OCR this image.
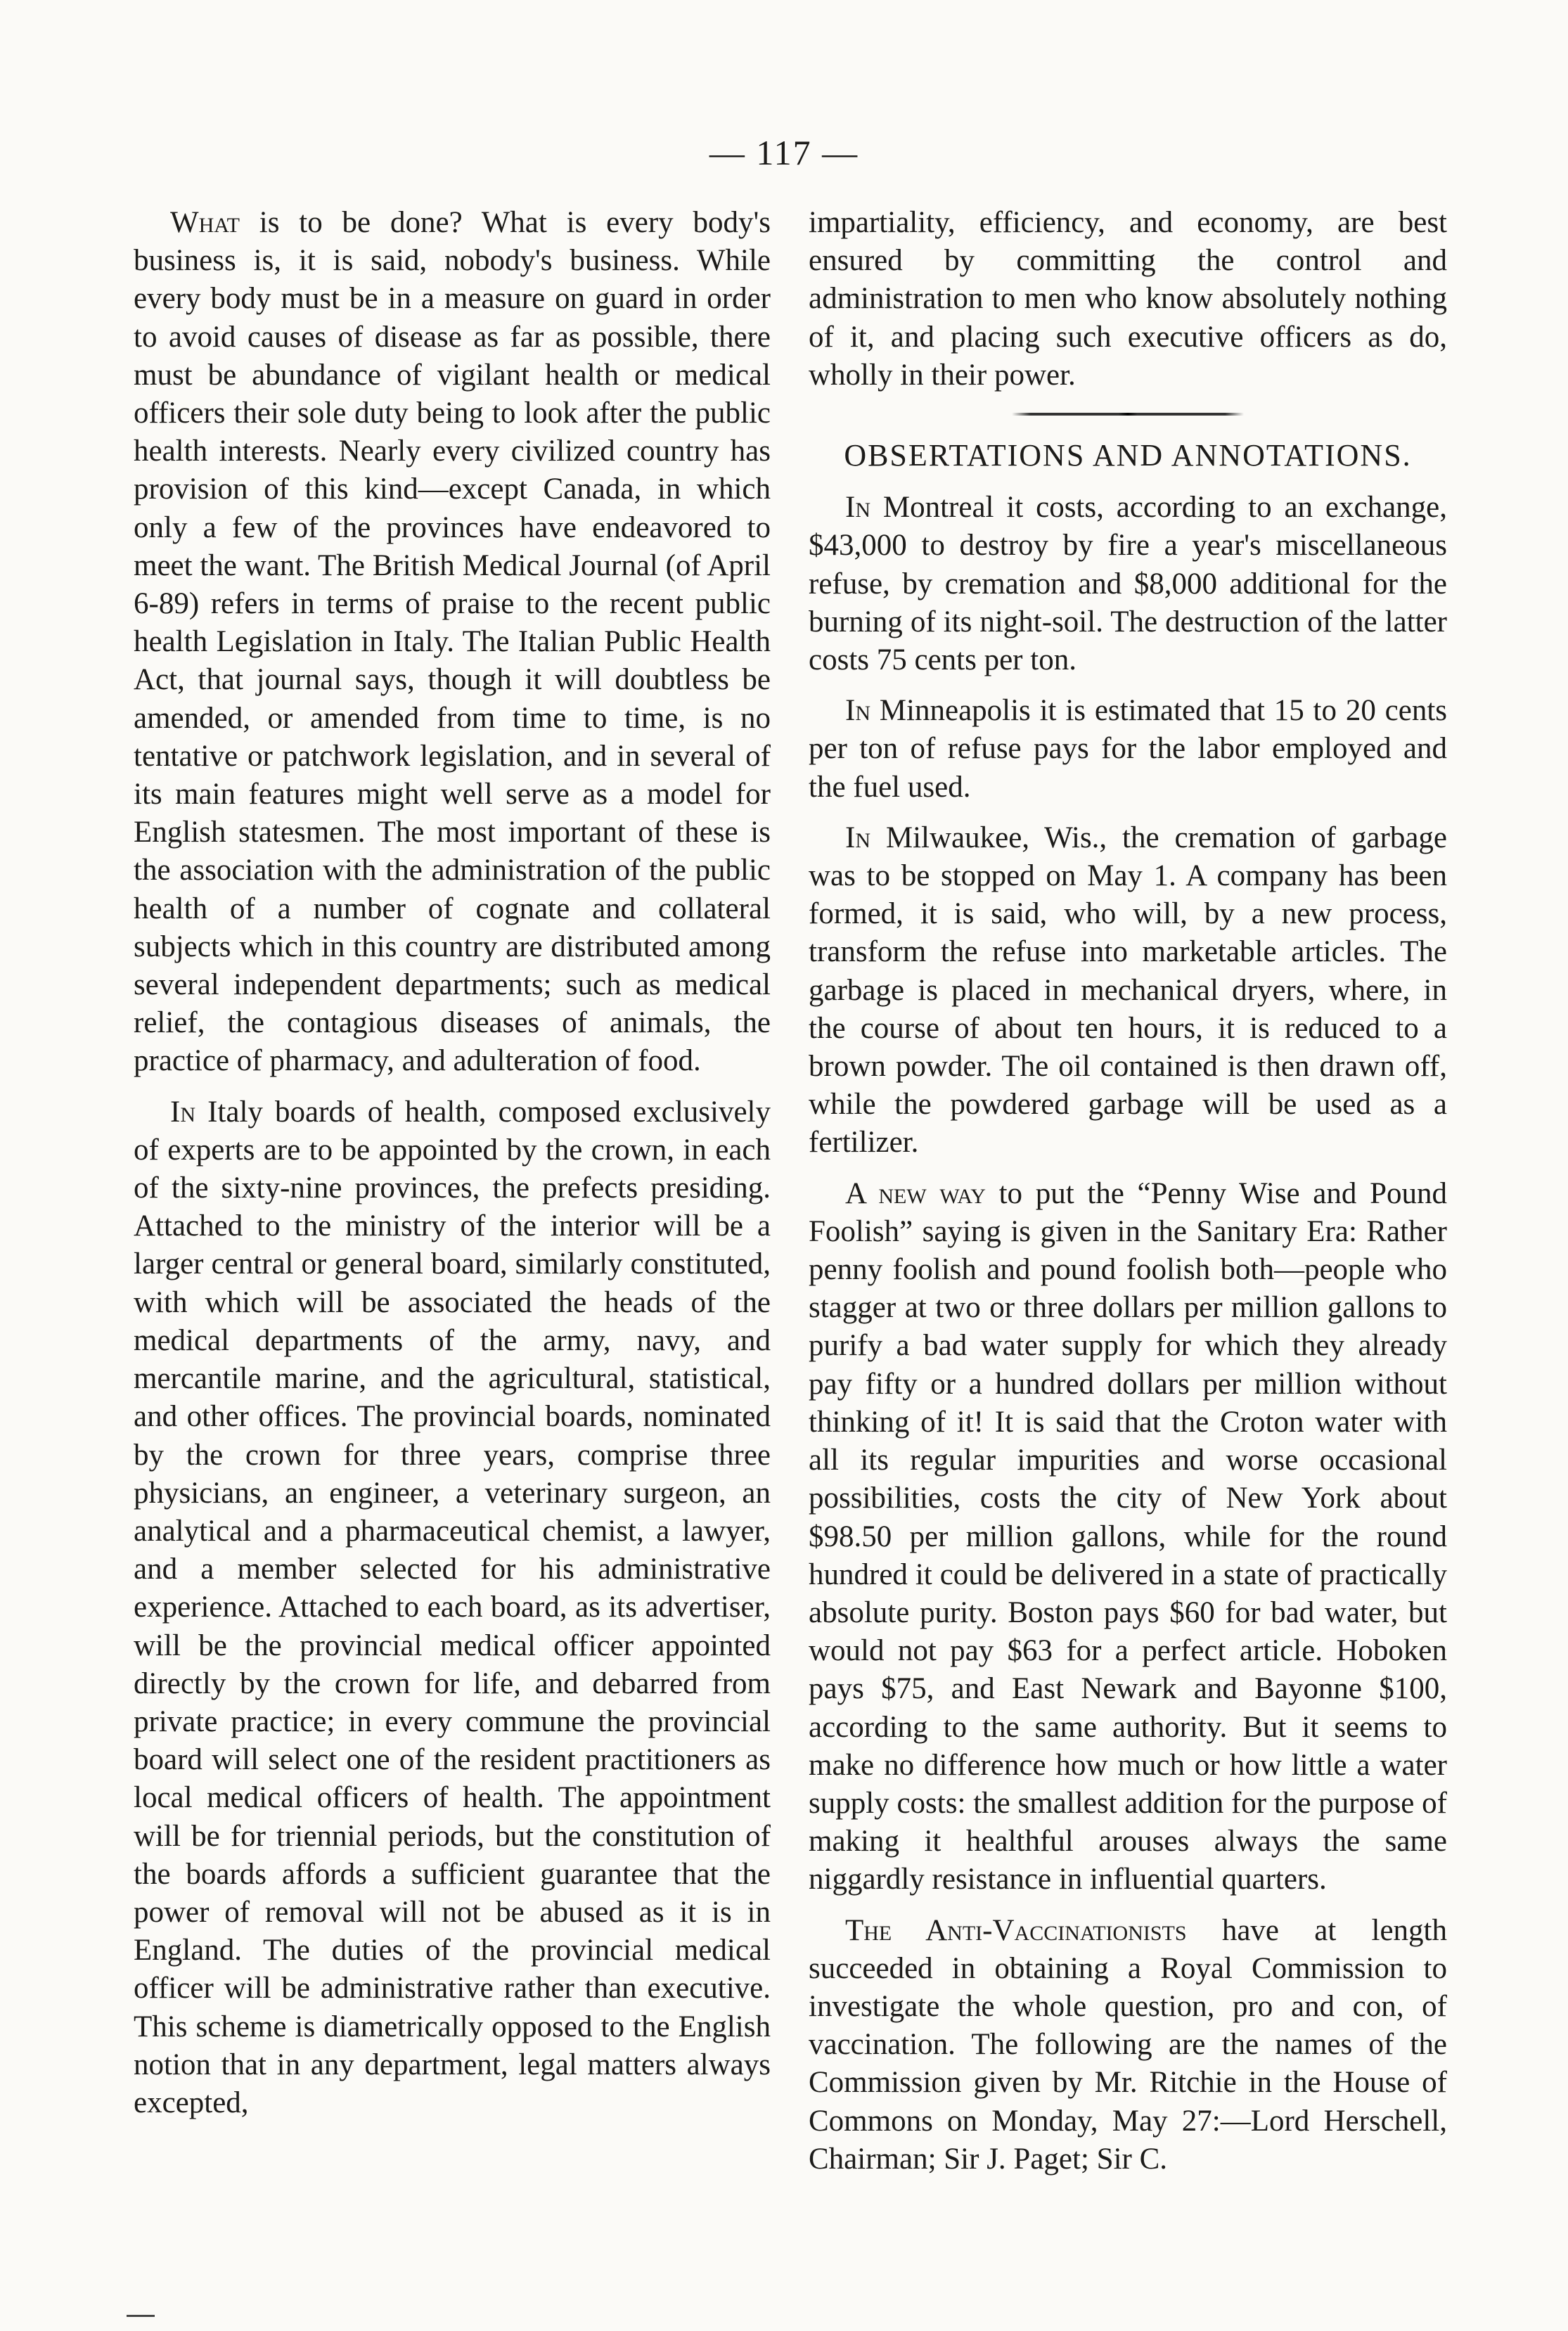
— 117 —

What is to be done? What is every body's business is, it is said, nobody's business. While every body must be in a measure on guard in order to avoid causes of disease as far as possible, there must be abundance of vigilant health or medical officers their sole duty being to look after the public health interests. Nearly every civilized country has provision of this kind—except Canada, in which only a few of the provinces have endeavored to meet the want. The British Medical Journal (of April 6-89) refers in terms of praise to the recent public health Legislation in Italy. The Italian Public Health Act, that journal says, though it will doubtless be amended, or amended from time to time, is no tentative or patchwork legislation, and in several of its main features might well serve as a model for English statesmen. The most important of these is the association with the administration of the public health of a number of cognate and collateral subjects which in this country are distributed among several independent departments; such as medical relief, the contagious diseases of animals, the practice of pharmacy, and adulteration of food.

In Italy boards of health, composed exclusively of experts are to be appointed by the crown, in each of the sixty-nine provinces, the prefects presiding. Attached to the ministry of the interior will be a larger central or general board, similarly constituted, with which will be associated the heads of the medical departments of the army, navy, and mercantile marine, and the agricultural, statistical, and other offices. The provincial boards, nominated by the crown for three years, comprise three physicians, an engineer, a veterinary surgeon, an analytical and a pharmaceutical chemist, a lawyer, and a member selected for his administrative experience. Attached to each board, as its advertiser, will be the provincial medical officer appointed directly by the crown for life, and debarred from private practice; in every commune the provincial board will select one of the resident practitioners as local medical officers of health. The appointment will be for triennial periods, but the constitution of the boards affords a sufficient guarantee that the power of removal will not be abused as it is in England. The duties of the provincial medical officer will be administrative rather than executive. This scheme is diametrically opposed to the English notion that in any department, legal matters always excepted,

impartiality, efficiency, and economy, are best ensured by committing the control and administration to men who know absolutely nothing of it, and placing such executive officers as do, wholly in their power.

OBSERTATIONS AND ANNOTATIONS.

In Montreal it costs, according to an exchange, $43,000 to destroy by fire a year's miscellaneous refuse, by cremation and $8,000 additional for the burning of its night-soil. The destruction of the latter costs 75 cents per ton.

In Minneapolis it is estimated that 15 to 20 cents per ton of refuse pays for the labor employed and the fuel used.

In Milwaukee, Wis., the cremation of garbage was to be stopped on May 1. A company has been formed, it is said, who will, by a new process, transform the refuse into marketable articles. The garbage is placed in mechanical dryers, where, in the course of about ten hours, it is reduced to a brown powder. The oil contained is then drawn off, while the powdered garbage will be used as a fertilizer.

A new way to put the “Penny Wise and Pound Foolish” saying is given in the Sanitary Era: Rather penny foolish and pound foolish both—people who stagger at two or three dollars per million gallons to purify a bad water supply for which they already pay fifty or a hundred dollars per million without thinking of it! It is said that the Croton water with all its regular impurities and worse occasional possibilities, costs the city of New York about $98.50 per million gallons, while for the round hundred it could be delivered in a state of practically absolute purity. Boston pays $60 for bad water, but would not pay $63 for a perfect article. Hoboken pays $75, and East Newark and Bayonne $100, according to the same authority. But it seems to make no difference how much or how little a water supply costs: the smallest addition for the purpose of making it healthful arouses always the same niggardly resistance in influential quarters.

The Anti-Vaccinationists have at length succeeded in obtaining a Royal Commission to investigate the whole question, pro and con, of vaccination. The following are the names of the Commission given by Mr. Ritchie in the House of Commons on Monday, May 27:—Lord Herschell, Chairman; Sir J. Paget; Sir C.
